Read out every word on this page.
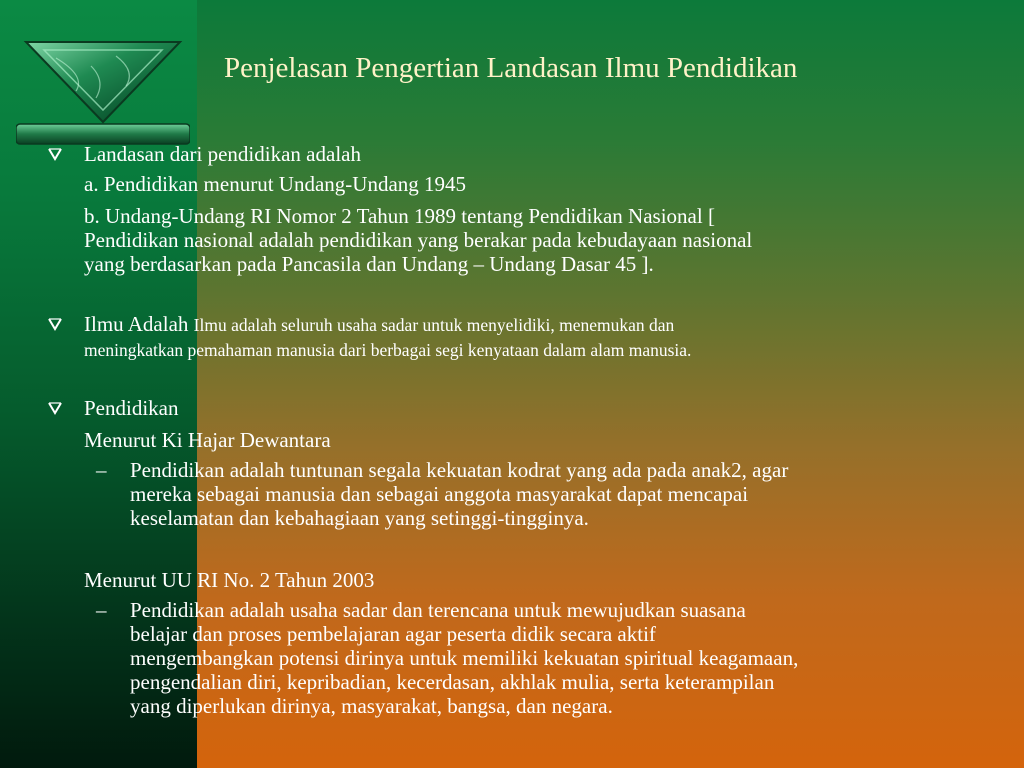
Penjelasan Pengertian Landasan Ilmu Pendidikan
Landasan dari pendidikan adalah
a. Pendidikan menurut Undang-Undang 1945
b. Undang-Undang RI Nomor 2 Tahun 1989 tentang Pendidikan Nasional [
Pendidikan nasional adalah pendidikan yang berakar pada kebudayaan nasional
yang berdasarkan pada Pancasila dan Undang – Undang Dasar 45 ].
Ilmu Adalah Ilmu adalah seluruh usaha sadar untuk menyelidiki, menemukan dan
meningkatkan pemahaman manusia dari berbagai segi kenyataan dalam alam manusia.
Pendidikan
Menurut Ki Hajar Dewantara
– Pendidikan adalah tuntunan segala kekuatan kodrat yang ada pada anak2, agar
mereka sebagai manusia dan sebagai anggota masyarakat dapat mencapai
keselamatan dan kebahagiaan yang setinggi-tingginya.
Menurut UU RI No. 2 Tahun 2003
– Pendidikan adalah usaha sadar dan terencana untuk mewujudkan suasana
belajar dan proses pembelajaran agar peserta didik secara aktif
mengembangkan potensi dirinya untuk memiliki kekuatan spiritual keagamaan,
pengendalian diri, kepribadian, kecerdasan, akhlak mulia, serta keterampilan
yang diperlukan dirinya, masyarakat, bangsa, dan negara.
